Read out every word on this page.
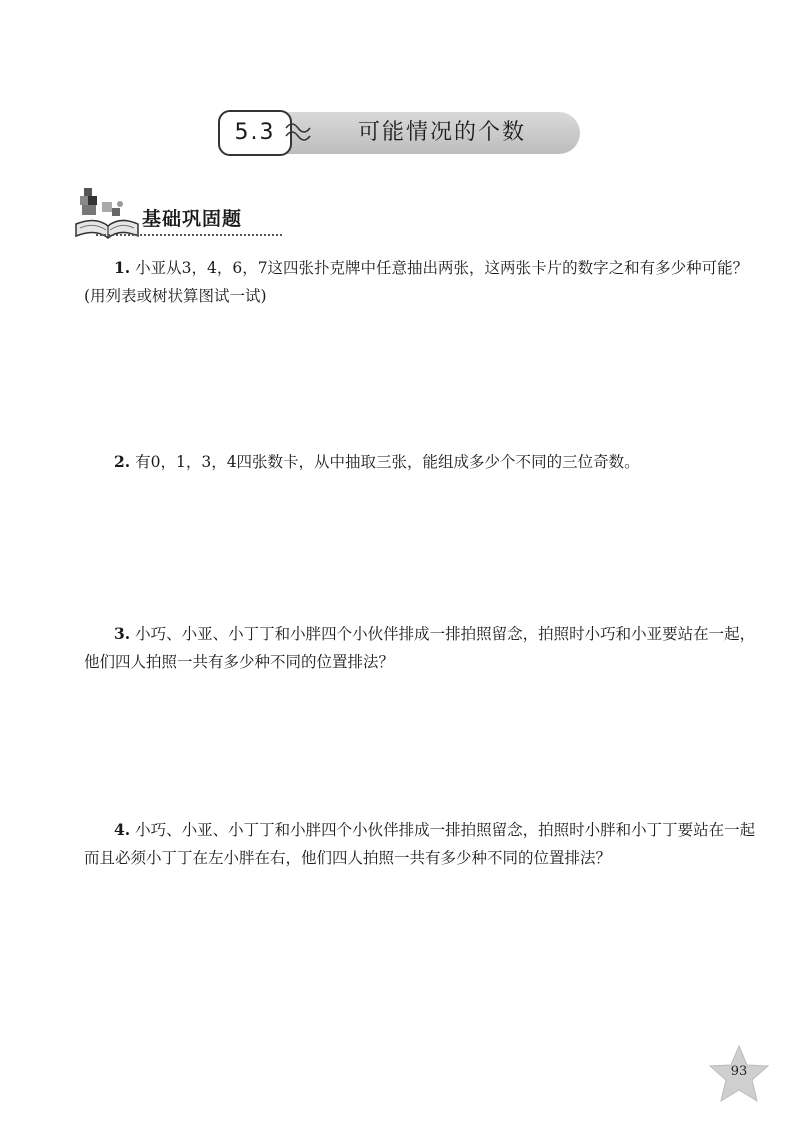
5.3	可能情况的个数
基础巩固题
1. 小亚从3，4，6，7这四张扑克牌中任意抽出两张，这两张卡片的数字之和有多少种可能？(用列表或树状算图试一试)
2. 有0，1，3，4四张数卡，从中抽取三张，能组成多少个不同的三位奇数。
3. 小巧、小亚、小丁丁和小胖四个小伙伴排成一排拍照留念，拍照时小巧和小亚要站在一起，他们四人拍照一共有多少种不同的位置排法？
4. 小巧、小亚、小丁丁和小胖四个小伙伴排成一排拍照留念，拍照时小胖和小丁丁要站在一起而且必须小丁丁在左小胖在右，他们四人拍照一共有多少种不同的位置排法？
93
